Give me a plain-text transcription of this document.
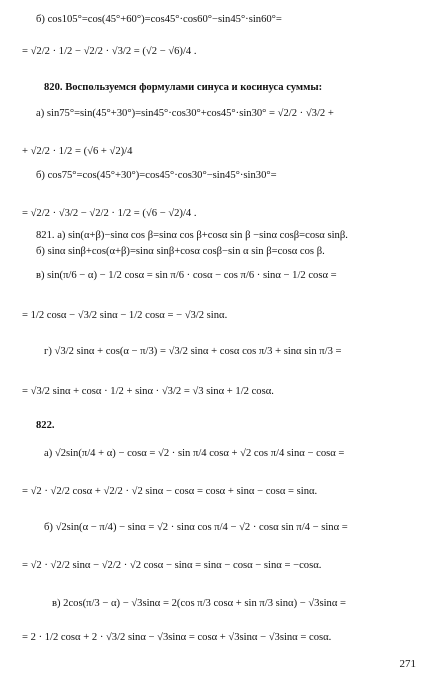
б) cos105°=cos(45°+60°)=cos45°·cos60°−sin45°·sin60°=
= √2/2 · 1/2 − √2/2 · √3/2 = (√2 − √6)/4 .
820. Воспользуемся формулами синуса и косинуса суммы:
а) sin75°=sin(45°+30°)=sin45°·cos30°+cos45°·sin30° = √2/2 · √3/2 +
+ √2/2 · 1/2 = (√6 + √2)/4
б) cos75°=cos(45°+30°)=cos45°·cos30°−sin45°·sin30°=
= √2/2 · √3/2 − √2/2 · 1/2 = (√6 − √2)/4 .
821. а) sin(α+β)−sinα cos β=sinα cos β+cosα sin β −sinα cosβ=cosα sinβ.
б) sinα sinβ+cos(α+β)=sinα sinβ+cosα cosβ−sin α sin β=cosα cos β.
в) sin(π/6 − α) − 1/2 cosα = sin π/6 · cosα − cos π/6 · sinα − 1/2 cosα =
= 1/2 cosα − √3/2 sinα − 1/2 cosα = − √3/2 sinα.
г) √3/2 sinα + cos(α − π/3) = √3/2 sinα + cosα cos π/3 + sinα sin π/3 =
= √3/2 sinα + cosα · 1/2 + sinα · √3/2 = √3 sinα + 1/2 cosα.
822.
а) √2sin(π/4 + α) − cosα = √2 · sin π/4 cosα + √2 cos π/4 sinα − cosα =
= √2 · √2/2 cosα + √2/2 · √2 sinα − cosα = cosα + sinα − cosα = sinα.
б) √2sin(α − π/4) − sinα = √2 · sinα cos π/4 − √2 · cosα sin π/4 − sinα =
= √2 · √2/2 sinα − √2/2 · √2 cosα − sinα = sinα − cosα − sinα = −cosα.
в) 2cos(π/3 − α) − √3sinα = 2(cos π/3 cosα + sin π/3 sinα) − √3sinα =
= 2 · 1/2 cosα + 2 · √3/2 sinα − √3sinα = cosα + √3sinα − √3sinα = cosα.
271
